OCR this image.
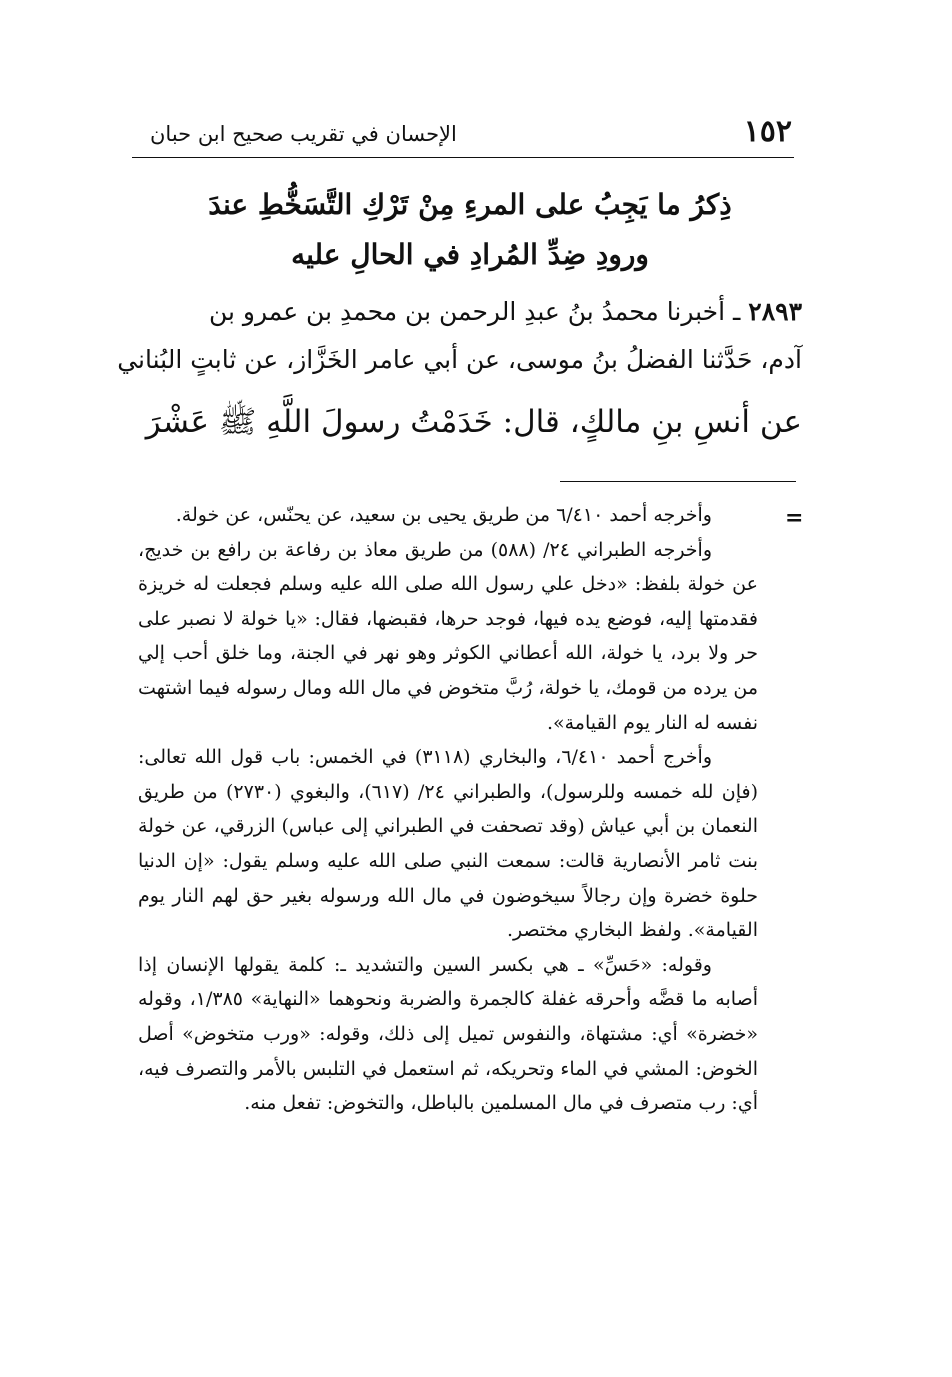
١٥٢
الإحسان في تقريب صحيح ابن حبان
ذِكرُ ما يَجِبُ على المرءِ مِنْ تَرْكِ التَّسَخُّطِ عندَ
ورودِ ضِدِّ المُرادِ في الحالِ عليه
٢٨٩٣ ـ أخبرنا محمدُ بنُ عبدِ الرحمن بن محمدِ بن عمرو بن
آدم، حَدَّثنا الفضلُ بنُ موسى، عن أبي عامر الخَزَّاز، عن ثابتٍ البُناني
عن أنسِ بنِ مالكٍ، قال: خَدَمْتُ رسولَ اللَّهِ ﷺ عَشْرَ
=

وأخرجه أحمد ٦/٤١٠ من طريق يحيى بن سعيد، عن يحنّس، عن خولة.

وأخرجه الطبراني ٢٤/ (٥٨٨) من طريق معاذ بن رفاعة بن رافع بن خديج، عن خولة بلفظ: «دخل علي رسول الله صلى الله عليه وسلم فجعلت له خريزة فقدمتها إليه، فوضع يده فيها، فوجد حرها، فقبضها، فقال: «يا خولة لا نصبر على حر ولا برد، يا خولة، الله أعطاني الكوثر وهو نهر في الجنة، وما خلق أحب إلي من يرده من قومك، يا خولة، رُبَّ متخوض في مال الله ومال رسوله فيما اشتهت نفسه له النار يوم القيامة».

وأخرج أحمد ٦/٤١٠، والبخاري (٣١١٨) في الخمس: باب قول الله تعالى: (فإن لله خمسه وللرسول)، والطبراني ٢٤/ (٦١٧)، والبغوي (٢٧٣٠) من طريق النعمان بن أبي عياش (وقد تصحفت في الطبراني إلى عباس) الزرقي، عن خولة بنت ثامر الأنصارية قالت: سمعت النبي صلى الله عليه وسلم يقول: «إن الدنيا حلوة خضرة وإن رجالاً سيخوضون في مال الله ورسوله بغير حق لهم النار يوم القيامة». ولفظ البخاري مختصر.

وقوله: «حَسِّ» ـ هي بكسر السين والتشديد ـ: كلمة يقولها الإنسان إذا أصابه ما قضَّه وأحرقه غفلة كالجمرة والضربة ونحوهما «النهاية» ١/٣٨٥، وقوله «خضرة» أي: مشتهاة، والنفوس تميل إلى ذلك، وقوله: «ورب متخوض» أصل الخوض: المشي في الماء وتحريكه، ثم استعمل في التلبس بالأمر والتصرف فيه، أي: رب متصرف في مال المسلمين بالباطل، والتخوض: تفعل منه.
